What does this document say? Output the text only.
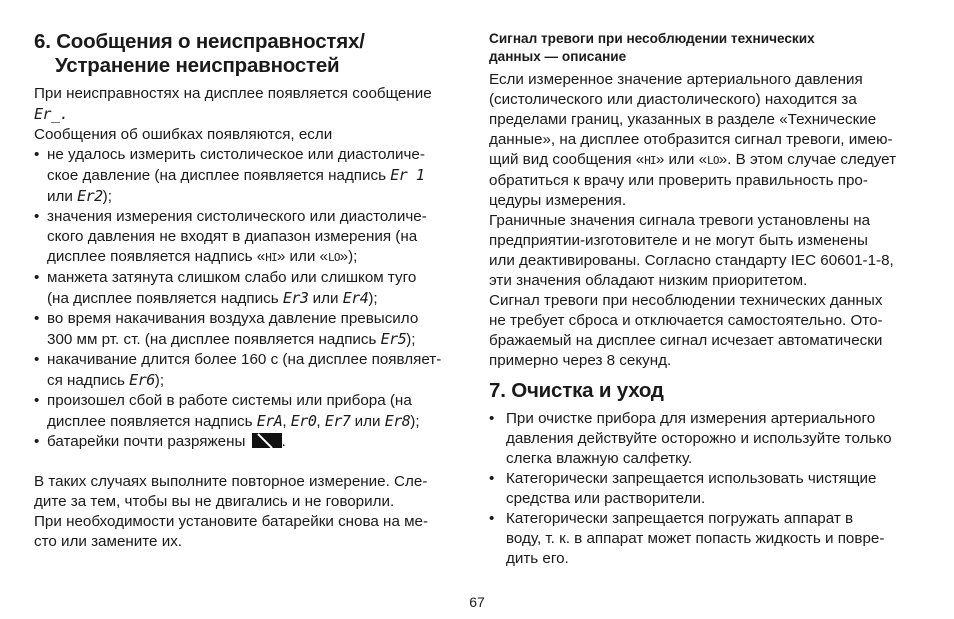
6. Сообщения о неисправностях/
Устранение неисправностей

При неисправностях на дисплее появляется сообщение
Er_.

Сообщения об ошибках появляются, если

• не удалось измерить систолическое или диастоличе-
ское давление (на дисплее появляется надпись Er 1
или Er2);
• значения измерения систолического или диастоличе-
ского давления не входят в диапазон измерения (на
дисплее появляется надпись «HI» или «LO»);
• манжета затянута слишком слабо или слишком туго
(на дисплее появляется надпись Er3 или Er4);
• во время накачивания воздуха давление превысило
300 мм рт. ст. (на дисплее появляется надпись Er5);
• накачивание длится более 160 с (на дисплее появляет-
ся надпись Er6);
• произошел сбой в работе системы или прибора (на
дисплее появляется надпись ErA, Er0, Er7 или Er8);
• батарейки почти разряжены .

В таких случаях выполните повторное измерение. Сле-
дите за тем, чтобы вы не двигались и не говорили.
При необходимости установите батарейки снова на ме-
сто или замените их.

Сигнал тревоги при несоблюдении технических
данных — описание

Если измеренное значение артериального давления
(систолического или диастолического) находится за
пределами границ, указанных в разделе «Технические
данные», на дисплее отобразится сигнал тревоги, имею-
щий вид сообщения «HI» или «LO». В этом случае следует
обратиться к врачу или проверить правильность про-
цедуры измерения.
Граничные значения сигнала тревоги установлены на
предприятии-изготовителе и не могут быть изменены
или деактивированы. Согласно стандарту IEC 60601-1-8,
эти значения обладают низким приоритетом.
Сигнал тревоги при несоблюдении технических данных
не требует сброса и отключается самостоятельно. Ото-
бражаемый на дисплее сигнал исчезает автоматически
примерно через 8 секунд.

7. Очистка и уход
• При очистке прибора для измерения артериального
давления действуйте осторожно и используйте только
слегка влажную салфетку.
• Категорически запрещается использовать чистящие
средства или растворители.
• Категорически запрещается погружать аппарат в
воду, т. к. в аппарат может попасть жидкость и повре-
дить его.
67
